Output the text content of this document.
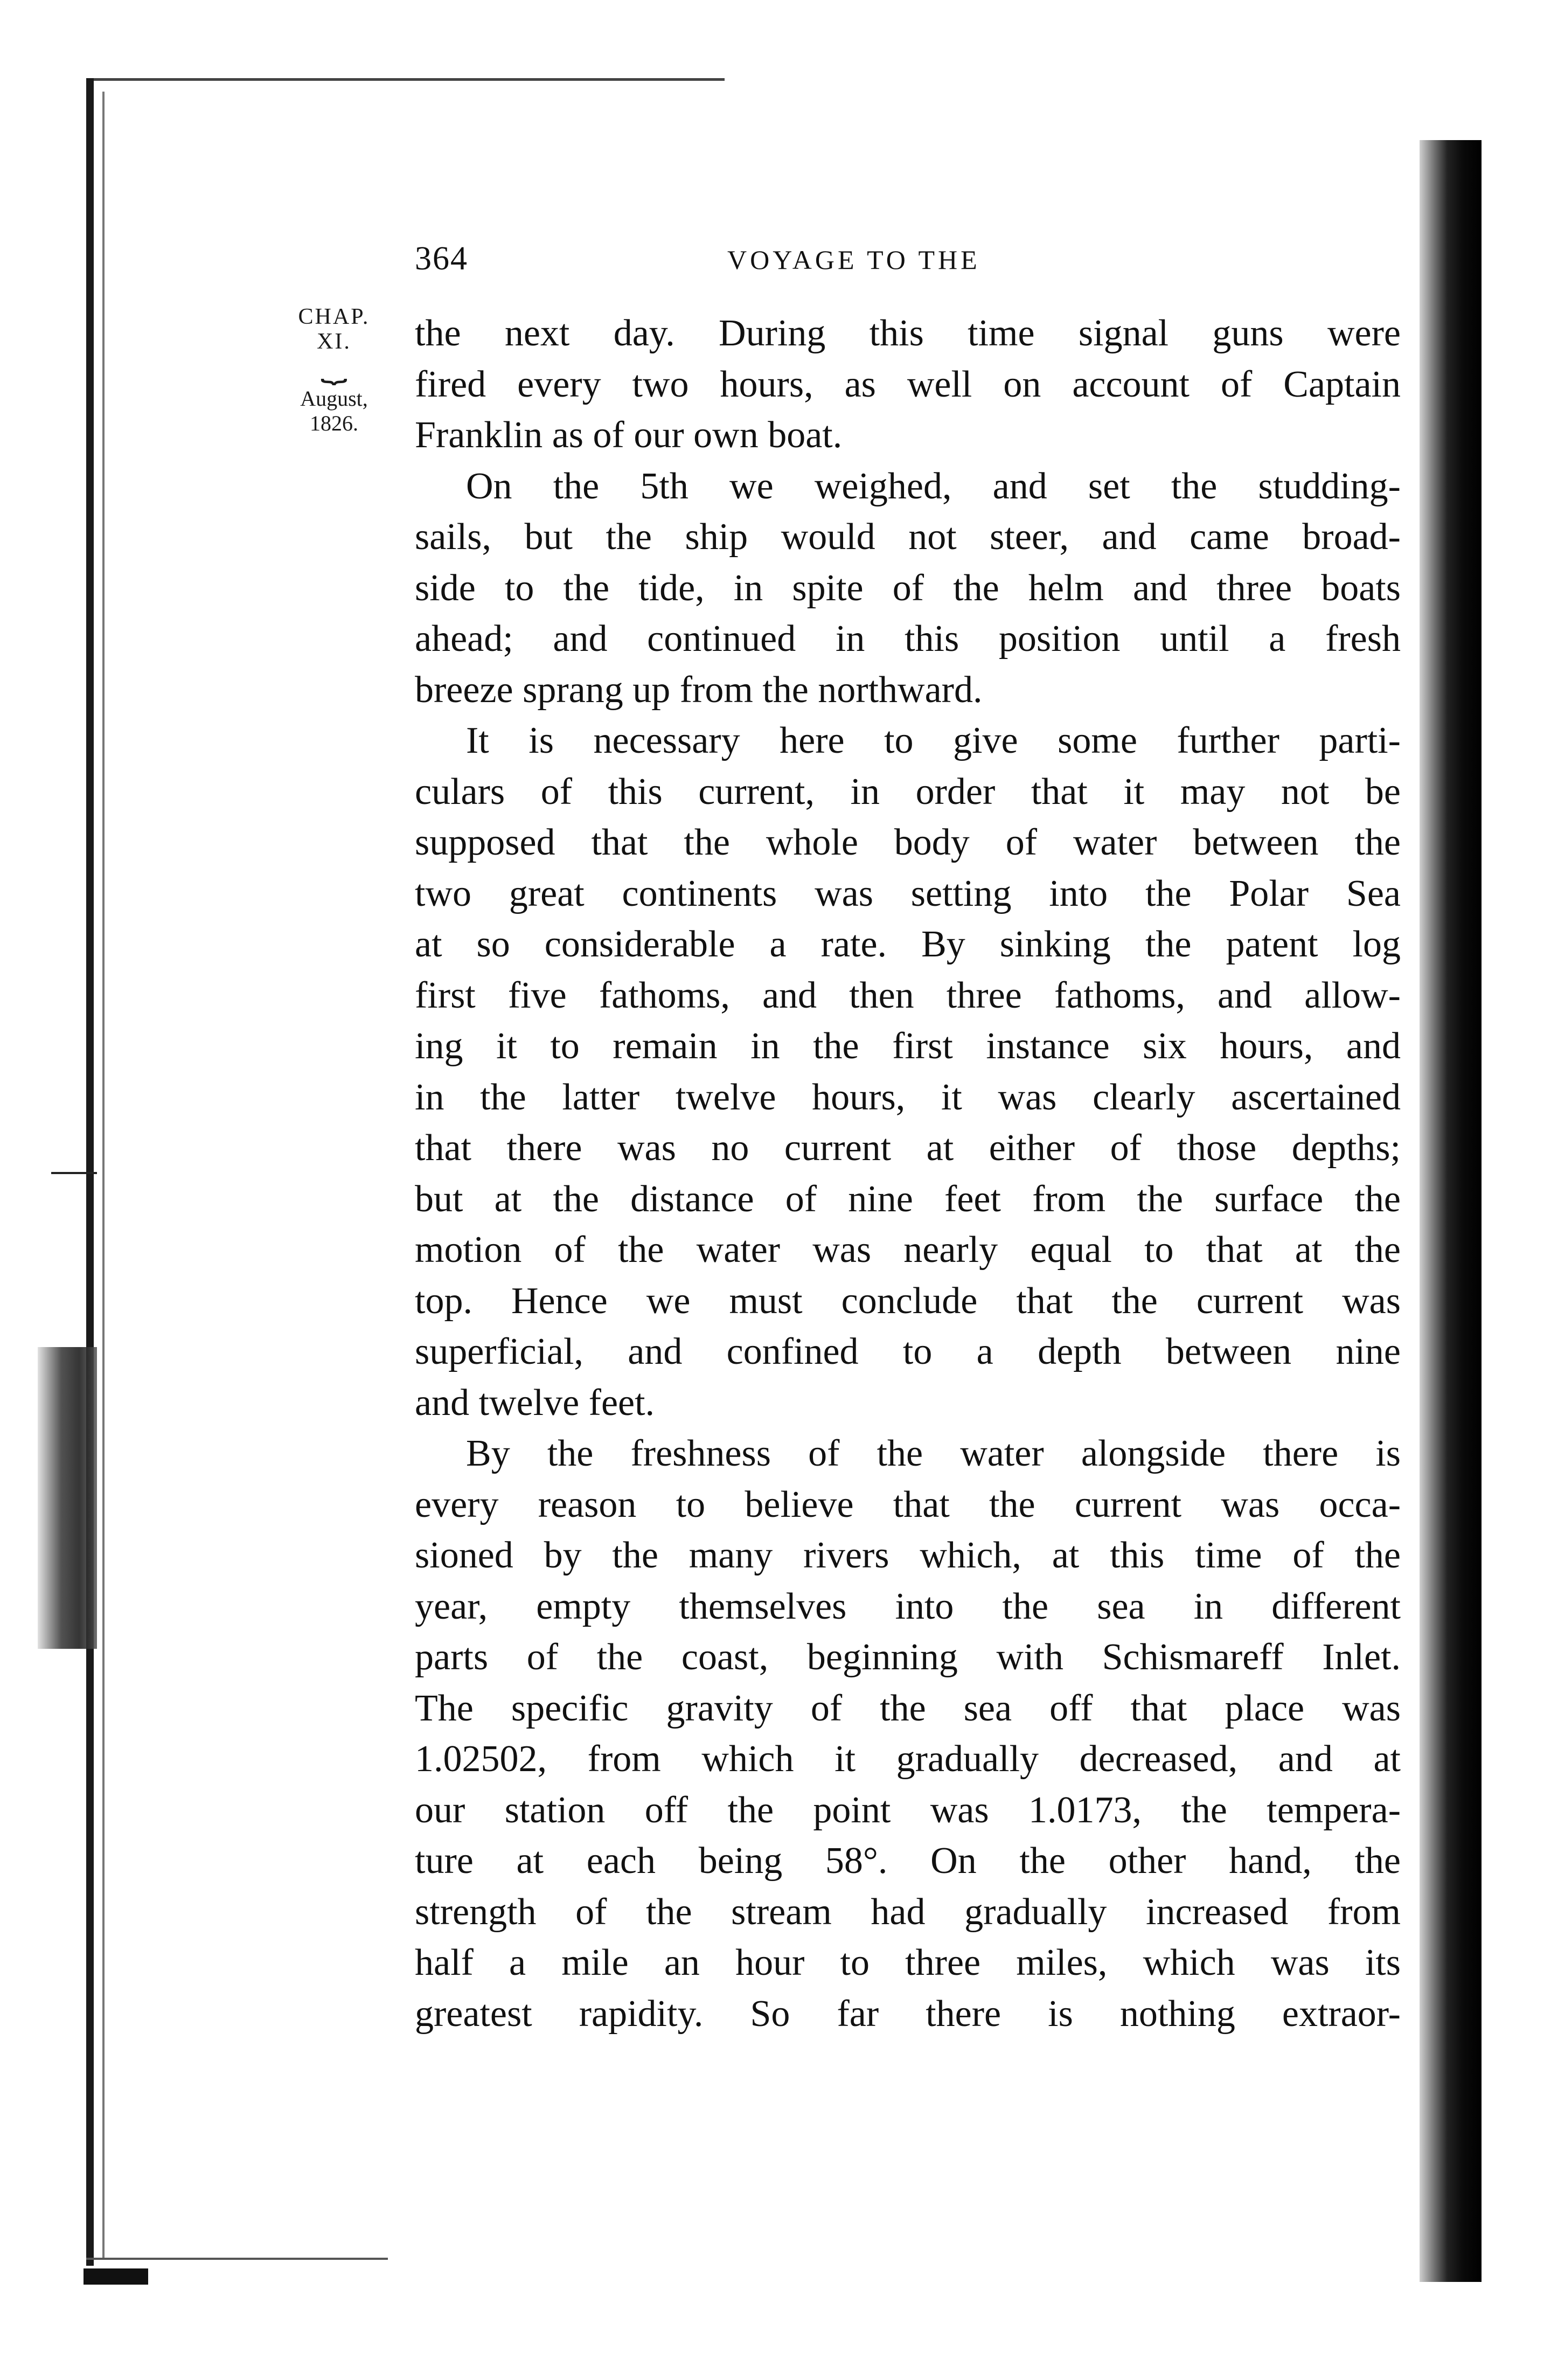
364	VOYAGE TO THE
CHAP.
XI.
⏟
August,
1826.
the next day. During this time signal guns were
fired every two hours, as well on account of Captain
Franklin as of our own boat.
On the 5th we weighed, and set the studding-
sails, but the ship would not steer, and came broad-
side to the tide, in spite of the helm and three boats
ahead; and continued in this position until a fresh
breeze sprang up from the northward.
It is necessary here to give some further parti-
culars of this current, in order that it may not be
supposed that the whole body of water between the
two great continents was setting into the Polar Sea
at so considerable a rate. By sinking the patent log
first five fathoms, and then three fathoms, and allow-
ing it to remain in the first instance six hours, and
in the latter twelve hours, it was clearly ascertained
that there was no current at either of those depths;
but at the distance of nine feet from the surface the
motion of the water was nearly equal to that at the
top. Hence we must conclude that the current was
superficial, and confined to a depth between nine
and twelve feet.
By the freshness of the water alongside there is
every reason to believe that the current was occa-
sioned by the many rivers which, at this time of the
year, empty themselves into the sea in different
parts of the coast, beginning with Schismareff Inlet.
The specific gravity of the sea off that place was
1.02502, from which it gradually decreased, and at
our station off the point was 1.0173, the tempera-
ture at each being 58°. On the other hand, the
strength of the stream had gradually increased from
half a mile an hour to three miles, which was its
greatest rapidity. So far there is nothing extraor-
